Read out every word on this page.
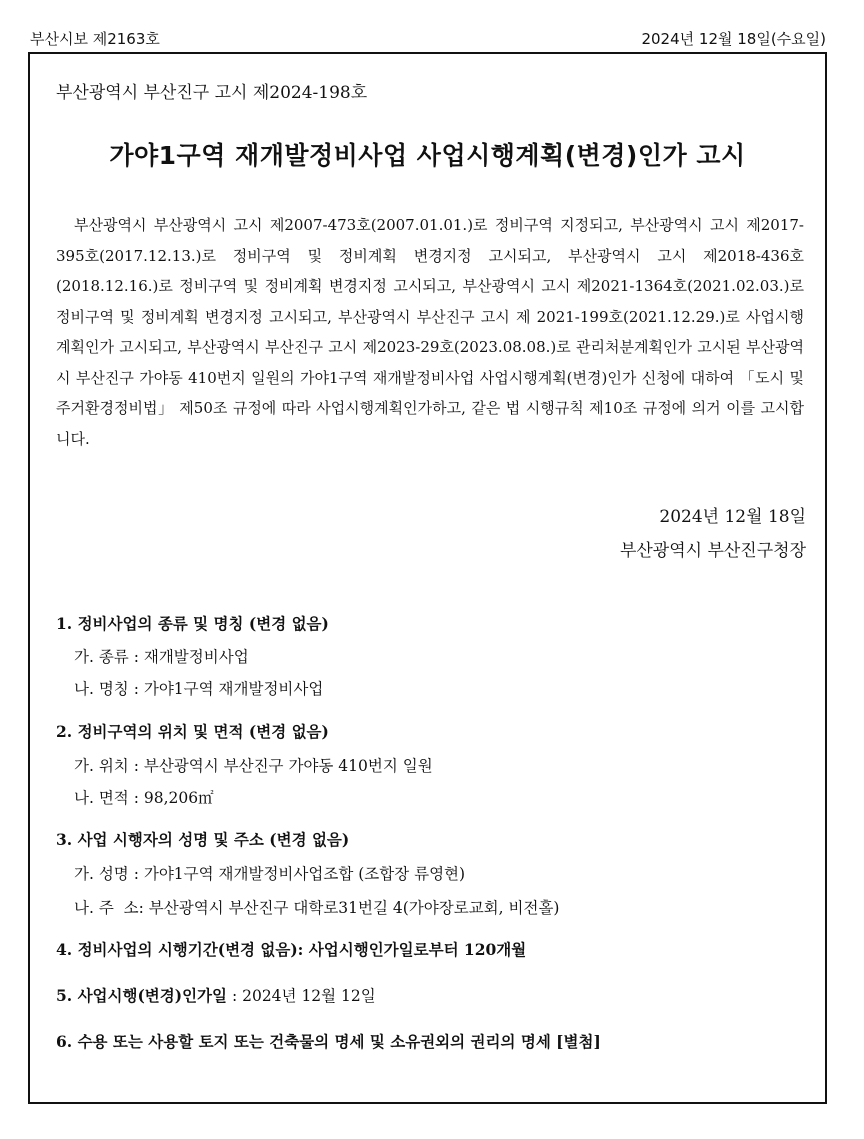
부산시보 제2163호	2024년 12월 18일(수요일)
부산광역시 부산진구 고시 제2024-198호
가야1구역 재개발정비사업 사업시행계획(변경)인가 고시
부산광역시 부산광역시 고시 제2007-473호(2007.01.01.)로 정비구역 지정되고, 부산광역시 고시 제2017-395호(2017.12.13.)로 정비구역 및 정비계획 변경지정 고시되고, 부산광역시 고시 제2018-436호(2018.12.16.)로 정비구역 및 정비계획 변경지정 고시되고, 부산광역시 고시 제2021-1364호(2021.02.03.)로 정비구역 및 정비계획 변경지정 고시되고, 부산광역시 부산진구 고시 제 2021-199호(2021.12.29.)로 사업시행계획인가 고시되고, 부산광역시 부산진구 고시 제2023-29호(2023.08.08.)로 관리처분계획인가 고시된 부산광역시 부산진구 가야동 410번지 일원의 가야1구역 재개발정비사업 사업시행계획(변경)인가 신청에 대하여 「도시 및 주거환경정비법」 제50조 규정에 따라 사업시행계획인가하고, 같은 법 시행규칙 제10조 규정에 의거 이를 고시합니다.
2024년 12월 18일
부산광역시 부산진구청장
1. 정비사업의 종류 및 명칭 (변경 없음)
가. 종류 : 재개발정비사업
나. 명칭 : 가야1구역 재개발정비사업
2. 정비구역의 위치 및 면적 (변경 없음)
가. 위치 : 부산광역시 부산진구 가야동 410번지 일원
나. 면적 : 98,206㎡
3. 사업 시행자의 성명 및 주소 (변경 없음)
가. 성명 : 가야1구역 재개발정비사업조합 (조합장 류영현)
나. 주  소: 부산광역시 부산진구 대학로31번길 4(가야장로교회, 비전홀)
4. 정비사업의 시행기간(변경 없음): 사업시행인가일로부터 120개월
5. 사업시행(변경)인가일 : 2024년 12월 12일
6. 수용 또는 사용할 토지 또는 건축물의 명세 및 소유권외의 권리의 명세 [별첨]
